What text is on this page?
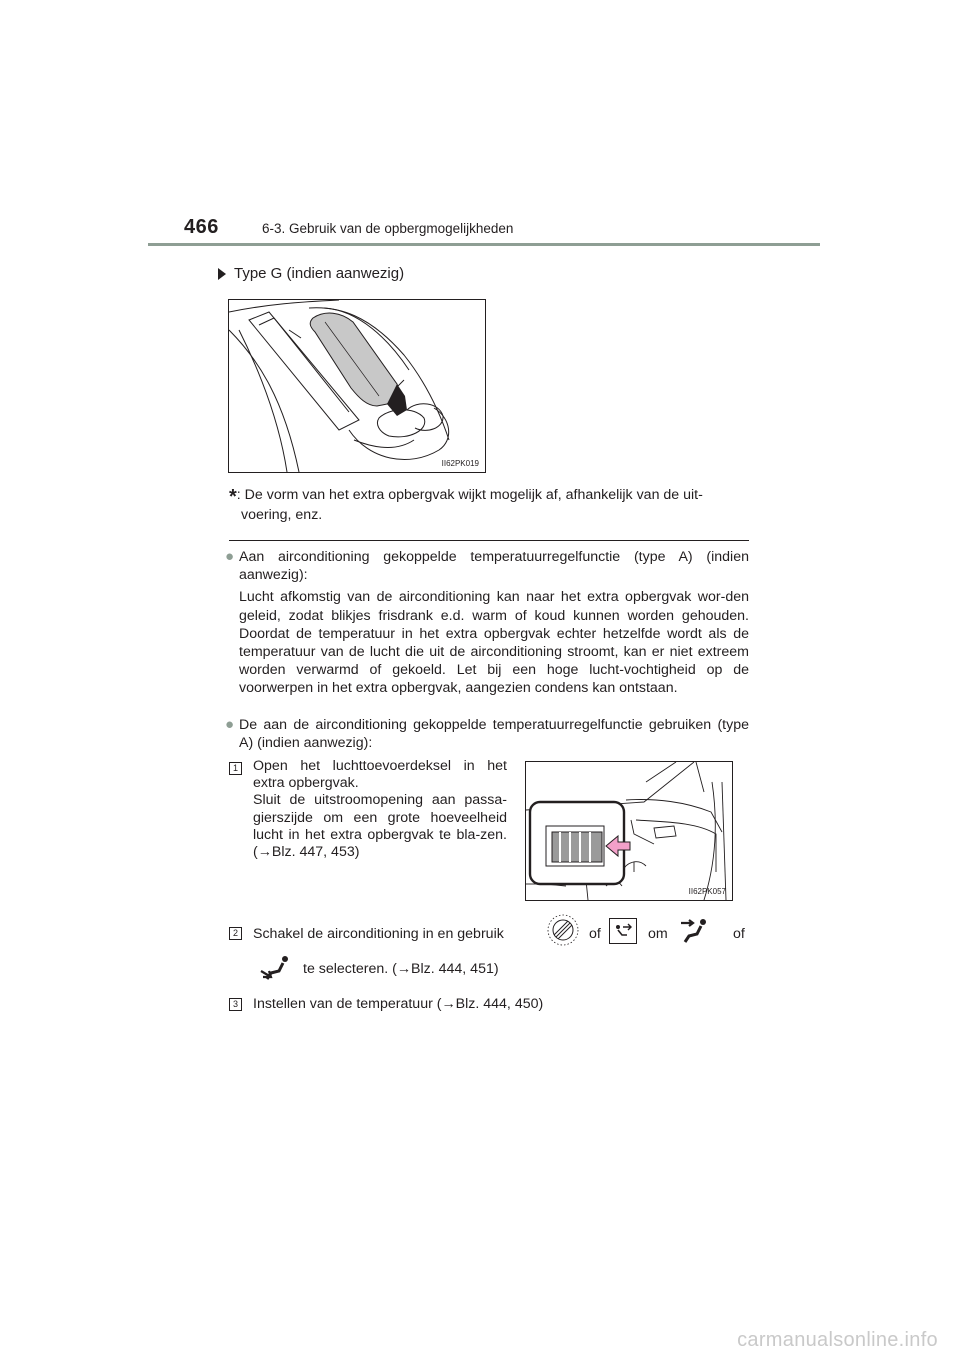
466	6-3. Gebruik van de opbergmogelijkheden
Type G (indien aanwezig)
II62PK019
*: De vorm van het extra opbergvak wijkt mogelijk af, afhankelijk van de uit-
voering, enz.
● Aan airconditioning gekoppelde temperatuurregelfunctie (type A) (indien aanwezig):
Lucht afkomstig van de airconditioning kan naar het extra opbergvak wor-den geleid, zodat blikjes frisdrank e.d. warm of koud kunnen worden gehouden. Doordat de temperatuur in het extra opbergvak echter hetzelfde wordt als de temperatuur van de lucht die uit de airconditioning stroomt, kan er niet extreem worden verwarmd of gekoeld. Let bij een hoge lucht-vochtigheid op de voorwerpen in het extra opbergvak, aangezien condens kan ontstaan.
● De aan de airconditioning gekoppelde temperatuurregelfunctie gebruiken (type A) (indien aanwezig):
1 Open het luchttoevoerdeksel in het extra opbergvak.
Sluit de uitstroomopening aan passa-gierszijde om een grote hoeveelheid lucht in het extra opbergvak te bla-zen. (→Blz. 447, 453)
II62PK057
2 Schakel de airconditioning in en gebruik	of	om	of
te selecteren. (→Blz. 444, 451)
3 Instellen van de temperatuur (→Blz. 444, 450)
carmanualsonline.info
